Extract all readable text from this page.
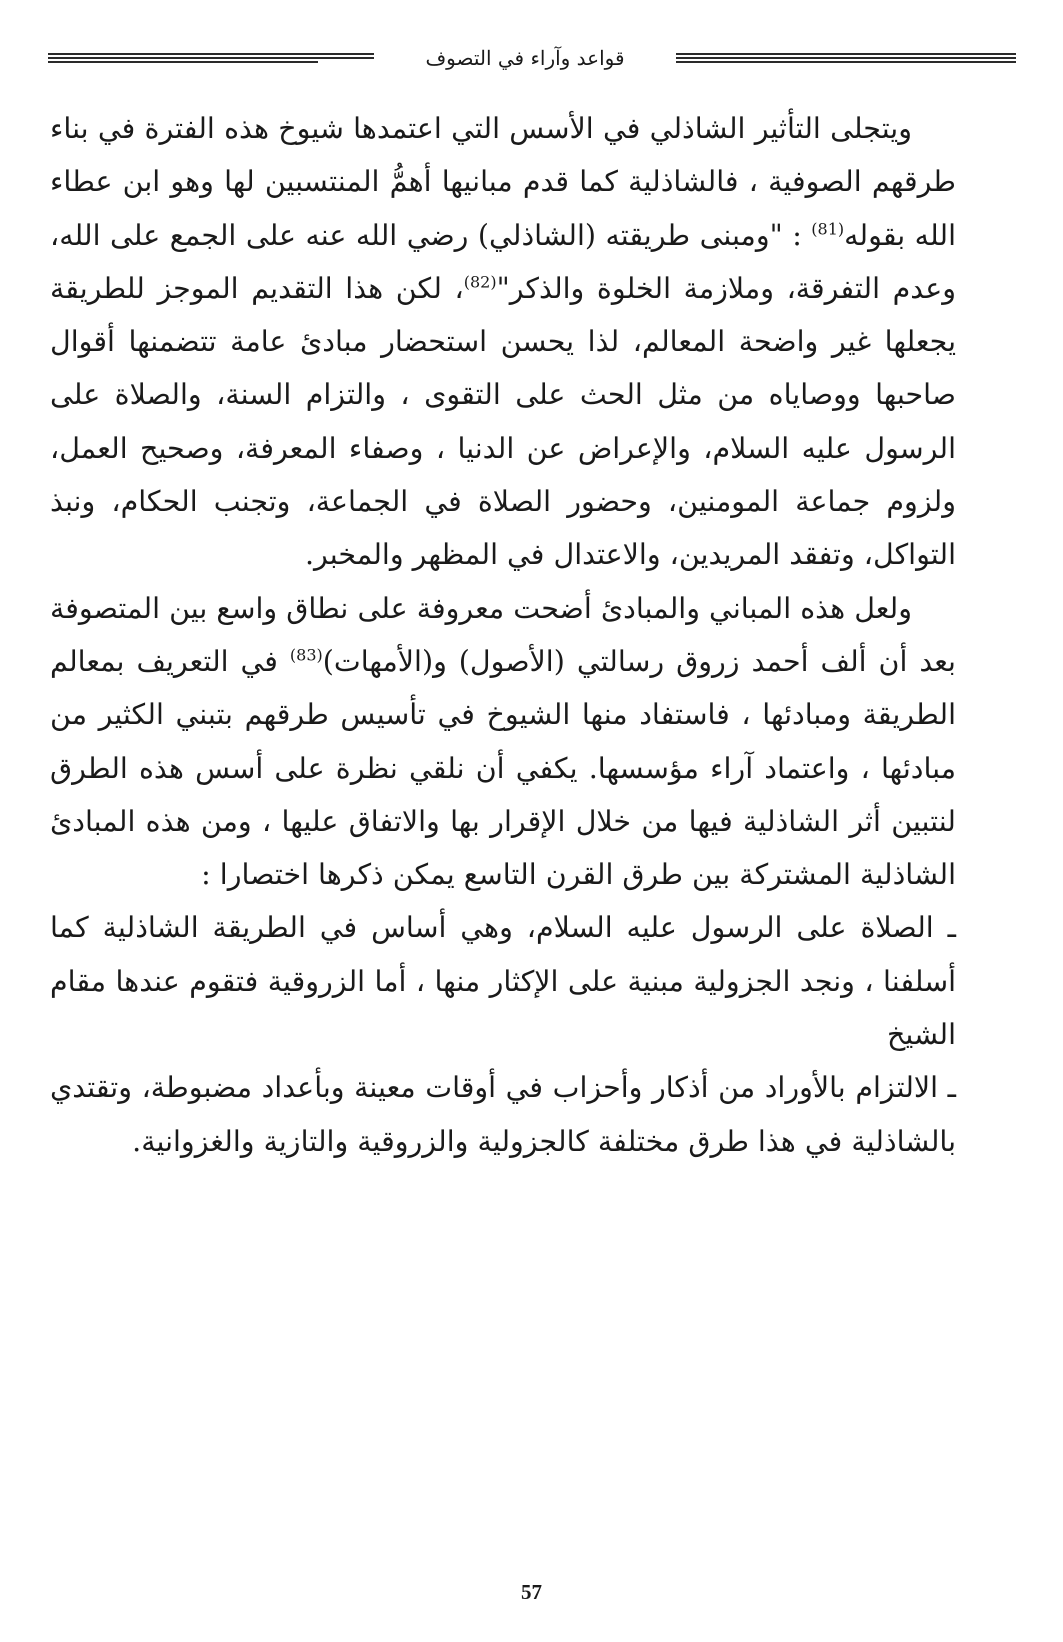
قواعد وآراء في التصوف

ويتجلى التأثير الشاذلي في الأسس التي اعتمدها شيوخ هذه الفترة في بناء طرقهم الصوفية ، فالشاذلية كما قدم مبانيها أهمُّ المنتسبين لها وهو ابن عطاء الله بقوله$^{(81)}$ : "ومبنى طريقته (الشاذلي) رضي الله عنه على الجمع على الله، وعدم التفرقة، وملازمة الخلوة والذكر"$^{(82)}$، لكن هذا التقديم الموجز للطريقة يجعلها غير واضحة المعالم، لذا يحسن استحضار مبادئ عامة تتضمنها أقوال صاحبها ووصاياه من مثل الحث على التقوى ، والتزام السنة، والصلاة على الرسول عليه السلام، والإعراض عن الدنيا ، وصفاء المعرفة، وصحيح العمل، ولزوم جماعة المومنين، وحضور الصلاة في الجماعة، وتجنب الحكام، ونبذ التواكل، وتفقد المريدين، والاعتدال في المظهر والمخبر.

ولعل هذه المباني والمبادئ أضحت معروفة على نطاق واسع بين المتصوفة بعد أن ألف أحمد زروق رسالتي (الأصول) و(الأمهات)$^{(83)}$ في التعريف بمعالم الطريقة ومبادئها ، فاستفاد منها الشيوخ في تأسيس طرقهم بتبني الكثير من مبادئها ، واعتماد آراء مؤسسها. يكفي أن نلقي نظرة على أسس هذه الطرق لنتبين أثر الشاذلية فيها من خلال الإقرار بها والاتفاق عليها ، ومن هذه المبادئ الشاذلية المشتركة بين طرق القرن التاسع يمكن ذكرها اختصارا :

ـ الصلاة على الرسول عليه السلام، وهي أساس في الطريقة الشاذلية كما أسلفنا ، ونجد الجزولية مبنية على الإكثار منها ، أما الزروقية فتقوم عندها مقام الشيخ

ـ الالتزام بالأوراد من أذكار وأحزاب في أوقات معينة وبأعداد مضبوطة، وتقتدي بالشاذلية في هذا طرق مختلفة كالجزولية والزروقية والتازية والغزوانية.

57
